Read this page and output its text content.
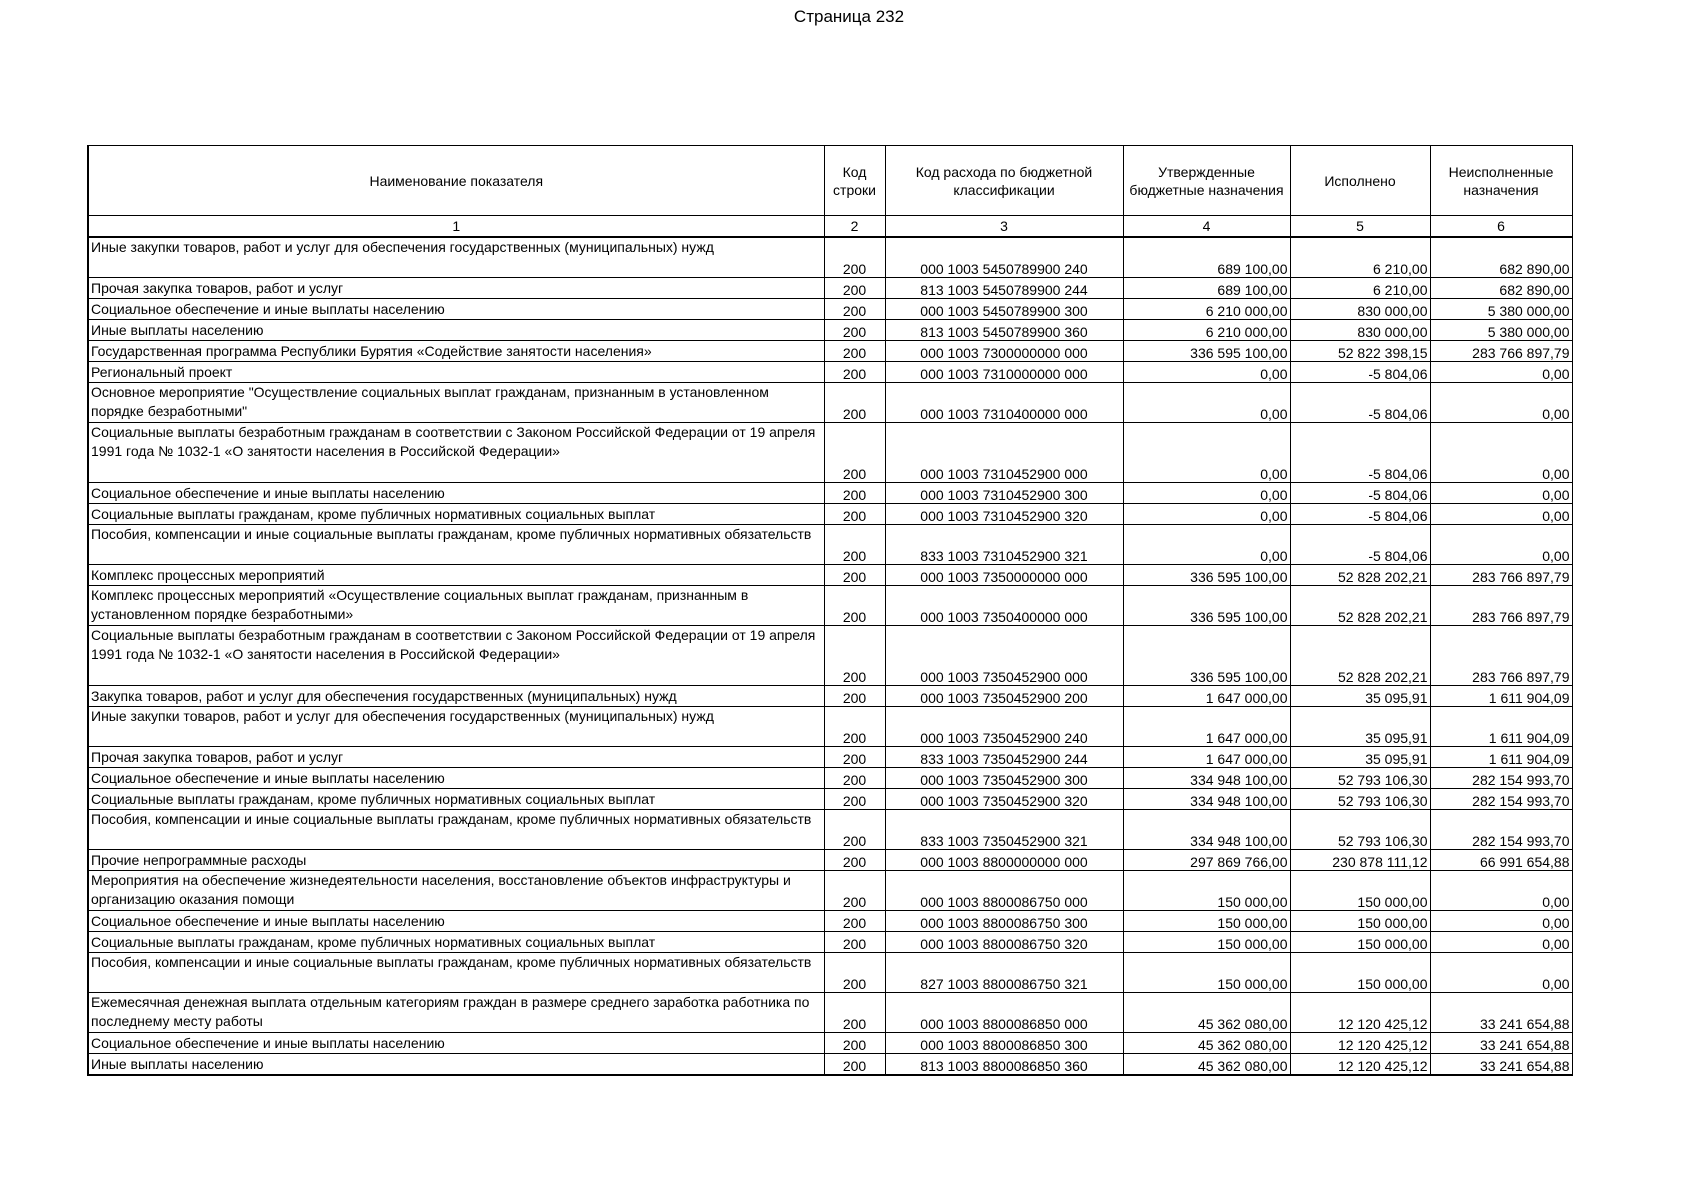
Страница 232
Наименование показателя	Код строки	Код расхода по бюджетной классификации	Утвержденные бюджетные назначения	Исполнено	Неисполненные назначения
1	2	3	4	5	6
Иные закупки товаров, работ и услуг для обеспечения государственных (муниципальных) нужд	200	000 1003 5450789900 240	689 100,00	6 210,00	682 890,00
Прочая закупка товаров, работ и услуг	200	813 1003 5450789900 244	689 100,00	6 210,00	682 890,00
Социальное обеспечение и иные выплаты населению	200	000 1003 5450789900 300	6 210 000,00	830 000,00	5 380 000,00
Иные выплаты населению	200	813 1003 5450789900 360	6 210 000,00	830 000,00	5 380 000,00
Государственная программа Республики Бурятия «Содействие занятости населения»	200	000 1003 7300000000 000	336 595 100,00	52 822 398,15	283 766 897,79
Региональный проект	200	000 1003 7310000000 000	0,00	-5 804,06	0,00
Основное мероприятие "Осуществление социальных выплат гражданам, признанным в установленном порядке безработными"	200	000 1003 7310400000 000	0,00	-5 804,06	0,00
Социальные выплаты безработным гражданам в соответствии с Законом Российской Федерации от 19 апреля 1991 года № 1032-1 «О занятости населения в Российской Федерации»	200	000 1003 7310452900 000	0,00	-5 804,06	0,00
Социальное обеспечение и иные выплаты населению	200	000 1003 7310452900 300	0,00	-5 804,06	0,00
Социальные выплаты гражданам, кроме публичных нормативных социальных выплат	200	000 1003 7310452900 320	0,00	-5 804,06	0,00
Пособия, компенсации и иные социальные выплаты гражданам, кроме публичных нормативных обязательств	200	833 1003 7310452900 321	0,00	-5 804,06	0,00
Комплекс процессных мероприятий	200	000 1003 7350000000 000	336 595 100,00	52 828 202,21	283 766 897,79
Комплекс процессных мероприятий «Осуществление социальных выплат гражданам, признанным в установленном порядке безработными»	200	000 1003 7350400000 000	336 595 100,00	52 828 202,21	283 766 897,79
Социальные выплаты безработным гражданам в соответствии с Законом Российской Федерации от 19 апреля 1991 года № 1032-1 «О занятости населения в Российской Федерации»	200	000 1003 7350452900 000	336 595 100,00	52 828 202,21	283 766 897,79
Закупка товаров, работ и услуг для обеспечения государственных (муниципальных) нужд	200	000 1003 7350452900 200	1 647 000,00	35 095,91	1 611 904,09
Иные закупки товаров, работ и услуг для обеспечения государственных (муниципальных) нужд	200	000 1003 7350452900 240	1 647 000,00	35 095,91	1 611 904,09
Прочая закупка товаров, работ и услуг	200	833 1003 7350452900 244	1 647 000,00	35 095,91	1 611 904,09
Социальное обеспечение и иные выплаты населению	200	000 1003 7350452900 300	334 948 100,00	52 793 106,30	282 154 993,70
Социальные выплаты гражданам, кроме публичных нормативных социальных выплат	200	000 1003 7350452900 320	334 948 100,00	52 793 106,30	282 154 993,70
Пособия, компенсации и иные социальные выплаты гражданам, кроме публичных нормативных обязательств	200	833 1003 7350452900 321	334 948 100,00	52 793 106,30	282 154 993,70
Прочие непрограммные расходы	200	000 1003 8800000000 000	297 869 766,00	230 878 111,12	66 991 654,88
Мероприятия на обеспечение жизнедеятельности населения, восстановление объектов инфраструктуры и организацию оказания помощи	200	000 1003 8800086750 000	150 000,00	150 000,00	0,00
Социальное обеспечение и иные выплаты населению	200	000 1003 8800086750 300	150 000,00	150 000,00	0,00
Социальные выплаты гражданам, кроме публичных нормативных социальных выплат	200	000 1003 8800086750 320	150 000,00	150 000,00	0,00
Пособия, компенсации и иные социальные выплаты гражданам, кроме публичных нормативных обязательств	200	827 1003 8800086750 321	150 000,00	150 000,00	0,00
Ежемесячная денежная выплата отдельным категориям граждан в размере среднего заработка работника по последнему месту работы	200	000 1003 8800086850 000	45 362 080,00	12 120 425,12	33 241 654,88
Социальное обеспечение и иные выплаты населению	200	000 1003 8800086850 300	45 362 080,00	12 120 425,12	33 241 654,88
Иные выплаты населению	200	813 1003 8800086850 360	45 362 080,00	12 120 425,12	33 241 654,88
